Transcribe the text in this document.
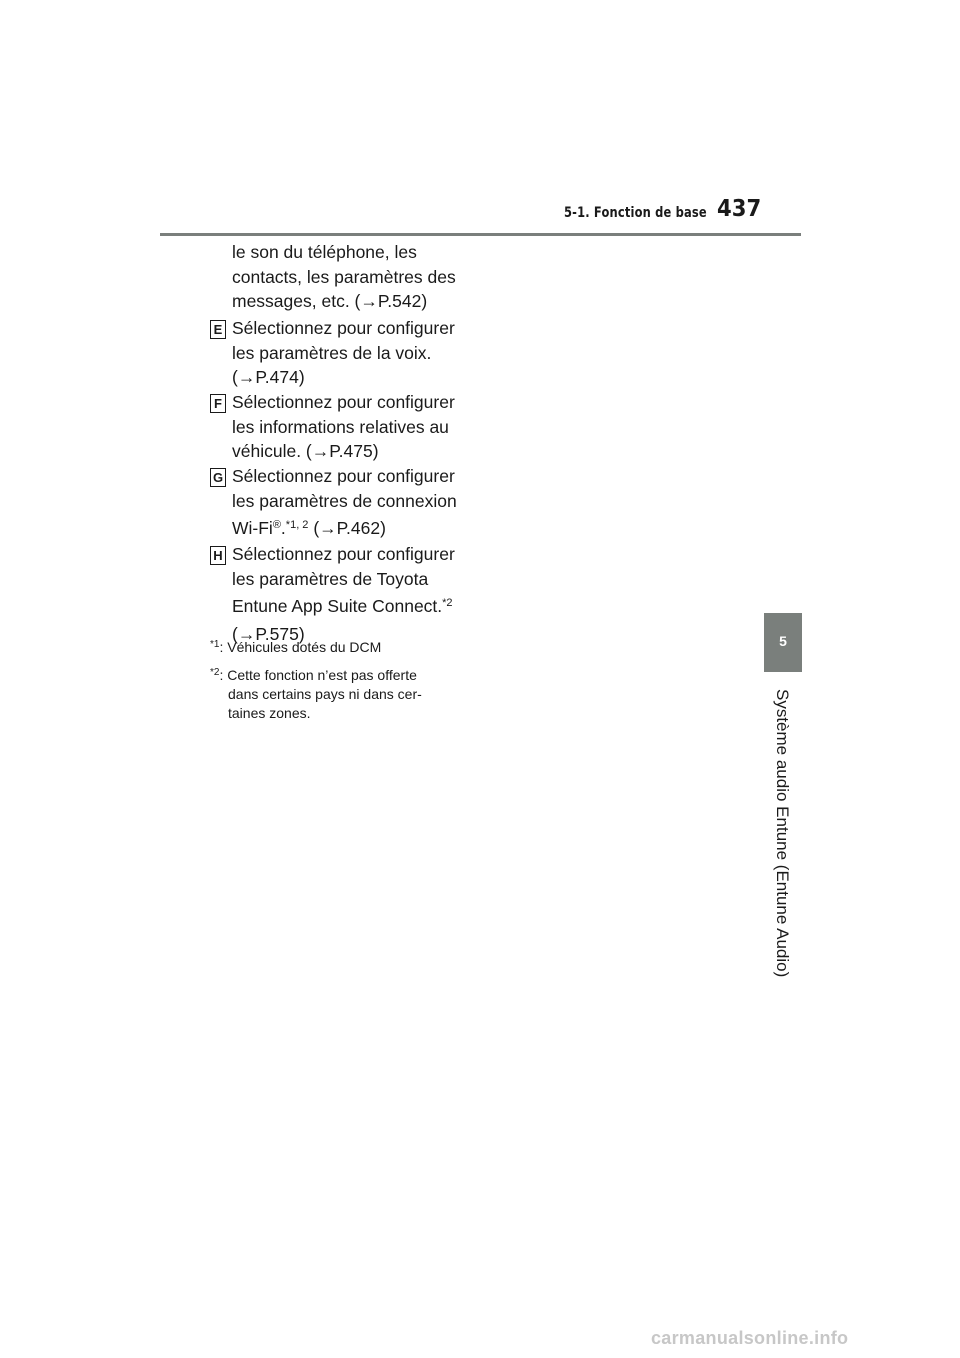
5-1. Fonction de base 437
5
Système audio Entune (Entune Audio)
le son du téléphone, les
contacts, les paramètres des
messages, etc. (→P.542)
E Sélectionnez pour configurer
les paramètres de la voix.
(→P.474)
F Sélectionnez pour configurer
les informations relatives au
véhicule. (→P.475)
G Sélectionnez pour configurer
les paramètres de connexion
Wi-Fi®.$^{*1, 2}$ (→P.462)
H Sélectionnez pour configurer
les paramètres de Toyota
Entune App Suite Connect.$^{*2}$
(→P.575)
$^{*1}$: Véhicules dotés du DCM
$^{*2}$: Cette fonction n’est pas offerte
dans certains pays ni dans cer-
taines zones.
carmanualsonline.info
